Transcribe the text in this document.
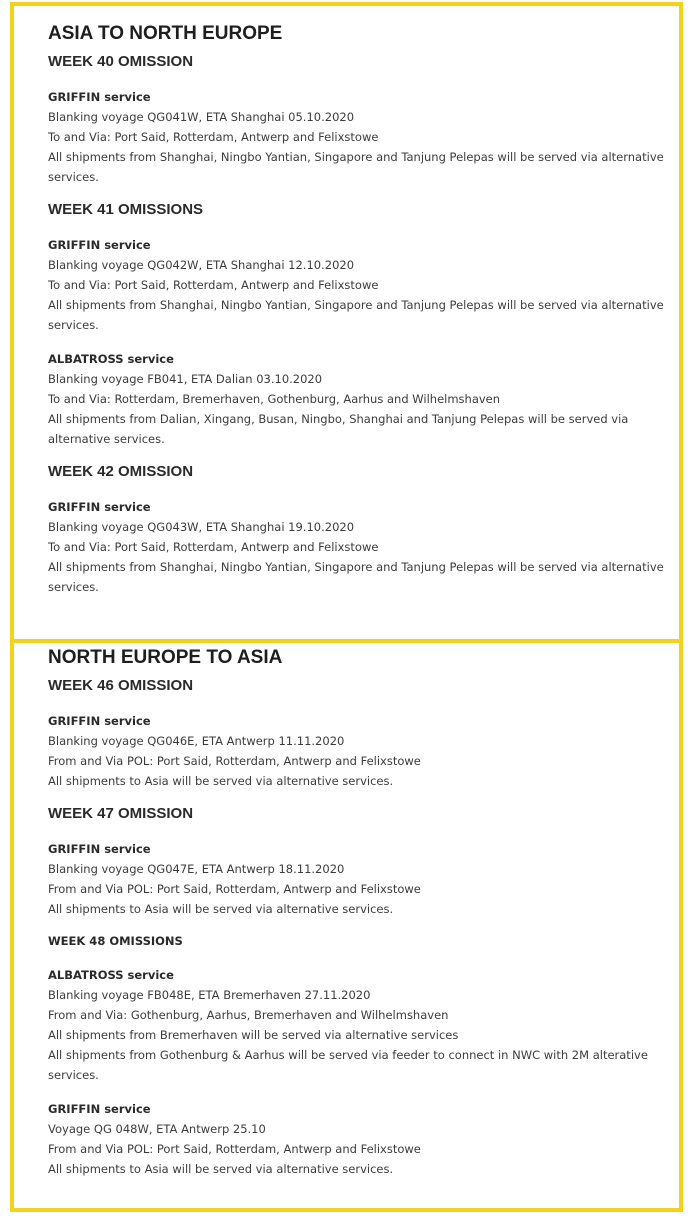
ASIA TO NORTH EUROPE
WEEK 40 OMISSION
GRIFFIN service
Blanking voyage QG041W, ETA Shanghai 05.10.2020
To and Via: Port Said, Rotterdam, Antwerp and Felixstowe
All shipments from Shanghai, Ningbo Yantian, Singapore and Tanjung Pelepas will be served via alternative services.
WEEK 41 OMISSIONS
GRIFFIN service
Blanking voyage QG042W, ETA Shanghai 12.10.2020
To and Via: Port Said, Rotterdam, Antwerp and Felixstowe
All shipments from Shanghai, Ningbo Yantian, Singapore and Tanjung Pelepas will be served via alternative services.
ALBATROSS service
Blanking voyage FB041, ETA Dalian 03.10.2020
To and Via: Rotterdam, Bremerhaven, Gothenburg, Aarhus and Wilhelmshaven
All shipments from Dalian, Xingang, Busan, Ningbo, Shanghai and Tanjung Pelepas will be served via alternative services.
WEEK 42 OMISSION
GRIFFIN service
Blanking voyage QG043W, ETA Shanghai 19.10.2020
To and Via: Port Said, Rotterdam, Antwerp and Felixstowe
All shipments from Shanghai, Ningbo Yantian, Singapore and Tanjung Pelepas will be served via alternative services.
NORTH EUROPE TO ASIA
WEEK 46 OMISSION
GRIFFIN service
Blanking voyage QG046E, ETA Antwerp 11.11.2020
From and Via POL: Port Said, Rotterdam, Antwerp and Felixstowe
All shipments to Asia will be served via alternative services.
WEEK 47 OMISSION
GRIFFIN service
Blanking voyage QG047E, ETA Antwerp 18.11.2020
From and Via POL: Port Said, Rotterdam, Antwerp and Felixstowe
All shipments to Asia will be served via alternative services.
WEEK 48 OMISSIONS
ALBATROSS service
Blanking voyage FB048E, ETA Bremerhaven 27.11.2020
From and Via: Gothenburg, Aarhus, Bremerhaven and Wilhelmshaven
All shipments from Bremerhaven will be served via alternative services
All shipments from Gothenburg & Aarhus will be served via feeder to connect in NWC with 2M alterative services.
GRIFFIN service
Voyage QG 048W, ETA Antwerp 25.10
From and Via POL: Port Said, Rotterdam, Antwerp and Felixstowe
All shipments to Asia will be served via alternative services.
